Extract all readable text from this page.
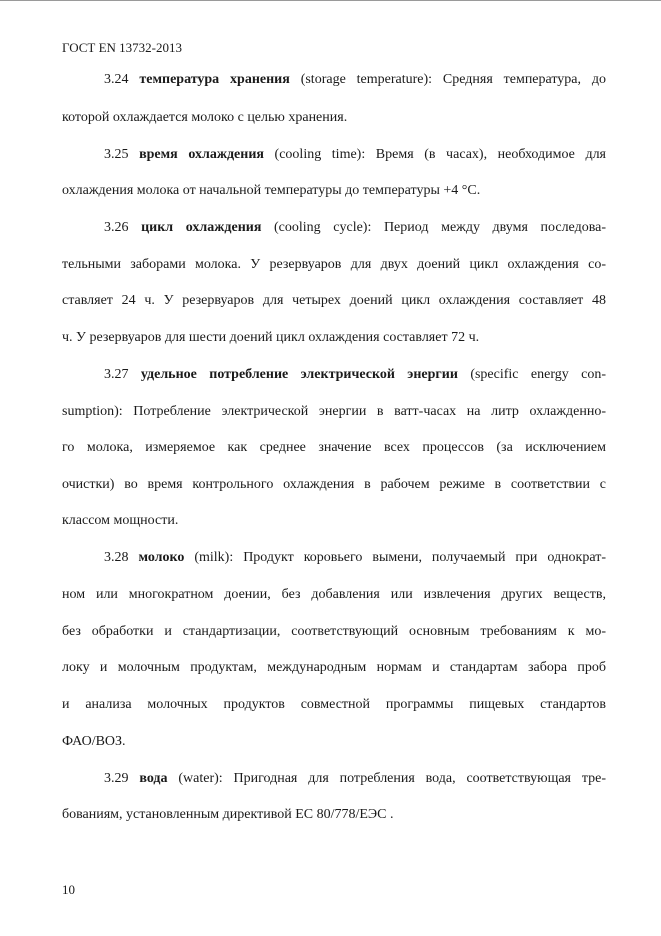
ГОСТ EN 13732-2013
3.24 температура хранения (storage temperature): Средняя температура, до
которой охлаждается молоко с целью хранения.
3.25 время охлаждения (cooling time): Время (в часах), необходимое для
охлаждения молока от начальной температуры до температуры +4 °С.
3.26 цикл охлаждения (cooling cycle): Период между двумя последова-
тельными заборами молока. У резервуаров для двух доений цикл охлаждения со-
ставляет 24 ч. У резервуаров для четырех доений цикл охлаждения составляет 48
ч. У резервуаров для шести доений цикл охлаждения составляет 72 ч.
3.27 удельное потребление электрической энергии (specific energy con-
sumption): Потребление электрической энергии в ватт-часах на литр охлажденно-
го молока, измеряемое как среднее значение всех процессов (за исключением
очистки) во время контрольного охлаждения в рабочем режиме в соответствии с
классом мощности.
3.28 молоко (milk): Продукт коровьего вымени, получаемый при однократ-
ном или многократном доении, без добавления или извлечения других веществ,
без обработки и стандартизации, соответствующий основным требованиям к мо-
локу и молочным продуктам, международным нормам и стандартам забора проб
и анализа молочных продуктов совместной программы пищевых стандартов
ФАО/ВОЗ.
3.29 вода (water): Пригодная для потребления вода, соответствующая тре-
бованиям, установленным директивой ЕС 80/778/ЕЭС .
10
